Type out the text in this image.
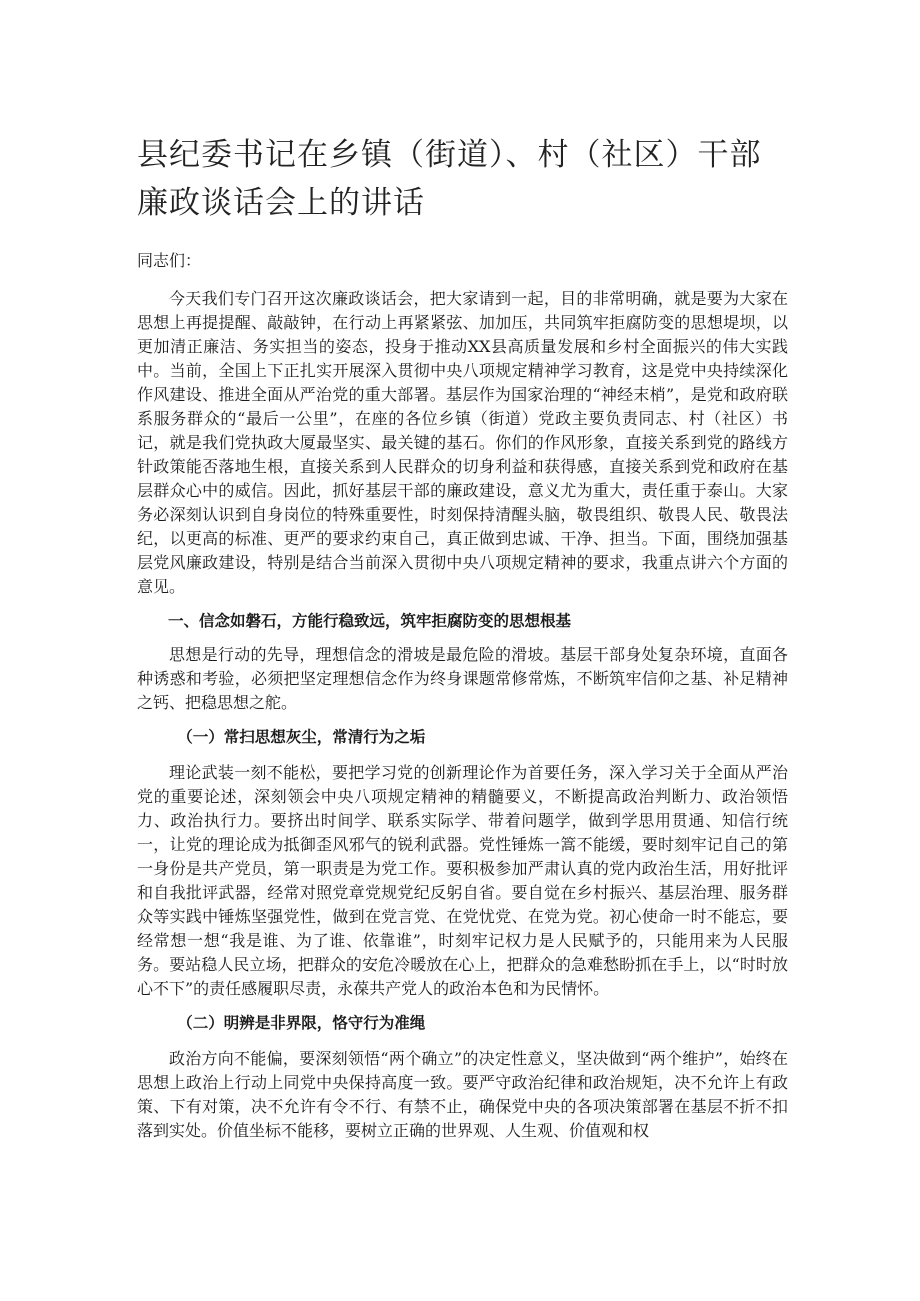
县纪委书记在乡镇（街道）、村（社区）干部廉政谈话会上的讲话

同志们：

今天我们专门召开这次廉政谈话会，把大家请到一起，目的非常明确，就是要为大家在思想上再提提醒、敲敲钟，在行动上再紧紧弦、加加压，共同筑牢拒腐防变的思想堤坝，以更加清正廉洁、务实担当的姿态，投身于推动XX县高质量发展和乡村全面振兴的伟大实践中。当前，全国上下正扎实开展深入贯彻中央八项规定精神学习教育，这是党中央持续深化作风建设、推进全面从严治党的重大部署。基层作为国家治理的“神经末梢”，是党和政府联系服务群众的“最后一公里”，在座的各位乡镇（街道）党政主要负责同志、村（社区）书记，就是我们党执政大厦最坚实、最关键的基石。你们的作风形象，直接关系到党的路线方针政策能否落地生根，直接关系到人民群众的切身利益和获得感，直接关系到党和政府在基层群众心中的威信。因此，抓好基层干部的廉政建设，意义尤为重大，责任重于泰山。大家务必深刻认识到自身岗位的特殊重要性，时刻保持清醒头脑，敬畏组织、敬畏人民、敬畏法纪，以更高的标准、更严的要求约束自己，真正做到忠诚、干净、担当。下面，围绕加强基层党风廉政建设，特别是结合当前深入贯彻中央八项规定精神的要求，我重点讲六个方面的意见。

一、信念如磐石，方能行稳致远，筑牢拒腐防变的思想根基

思想是行动的先导，理想信念的滑坡是最危险的滑坡。基层干部身处复杂环境，直面各种诱惑和考验，必须把坚定理想信念作为终身课题常修常炼，不断筑牢信仰之基、补足精神之钙、把稳思想之舵。

（一）常扫思想灰尘，常清行为之垢

理论武装一刻不能松，要把学习党的创新理论作为首要任务，深入学习关于全面从严治党的重要论述，深刻领会中央八项规定精神的精髓要义，不断提高政治判断力、政治领悟力、政治执行力。要挤出时间学、联系实际学、带着问题学，做到学思用贯通、知信行统一，让党的理论成为抵御歪风邪气的锐利武器。党性锤炼一篙不能缓，要时刻牢记自己的第一身份是共产党员，第一职责是为党工作。要积极参加严肃认真的党内政治生活，用好批评和自我批评武器，经常对照党章党规党纪反躬自省。要自觉在乡村振兴、基层治理、服务群众等实践中锤炼坚强党性，做到在党言党、在党忧党、在党为党。初心使命一时不能忘，要经常想一想“我是谁、为了谁、依靠谁”，时刻牢记权力是人民赋予的，只能用来为人民服务。要站稳人民立场，把群众的安危冷暖放在心上，把群众的急难愁盼抓在手上，以“时时放心不下”的责任感履职尽责，永葆共产党人的政治本色和为民情怀。

（二）明辨是非界限，恪守行为准绳

政治方向不能偏，要深刻领悟“两个确立”的决定性意义，坚决做到“两个维护”，始终在思想上政治上行动上同党中央保持高度一致。要严守政治纪律和政治规矩，决不允许上有政策、下有对策，决不允许有令不行、有禁不止，确保党中央的各项决策部署在基层不折不扣落到实处。价值坐标不能移，要树立正确的世界观、人生观、价值观和权
